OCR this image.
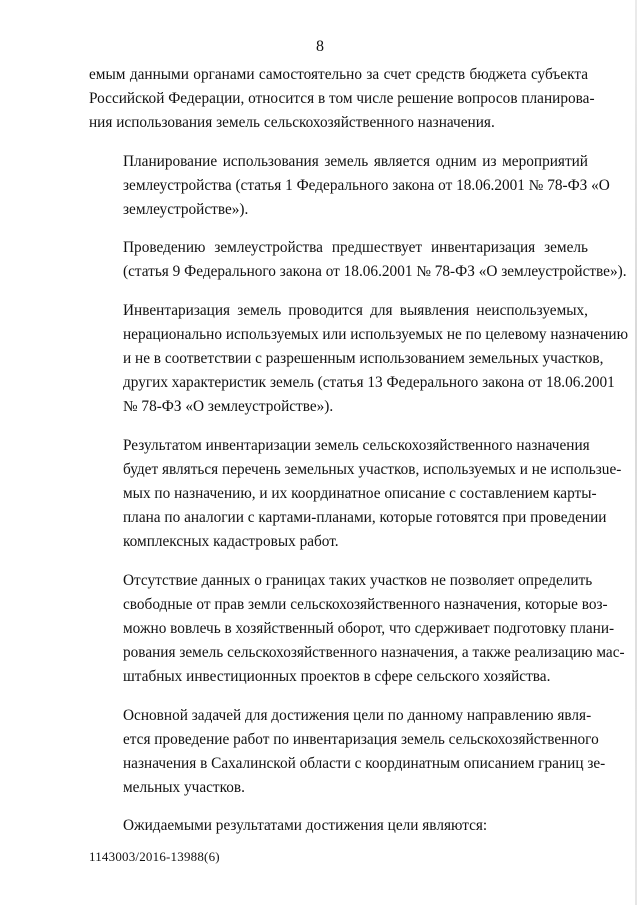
8
емым данными органами самостоятельно за счет средств бюджета субъекта
Российской Федерации, относится в том числе решение вопросов планирова-
ния использования земель сельскохозяйственного назначения.
Планирование использования земель является одним из мероприятий
землеустройства (статья 1 Федерального закона от 18.06.2001 № 78-ФЗ «О
землеустройстве»).
Проведению землеустройства предшествует инвентаризация земель
(статья 9 Федерального закона от 18.06.2001 № 78-ФЗ «О землеустройстве»).
Инвентаризация земель проводится для выявления неиспользуемых,
нерационально используемых или используемых не по целевому назначению
и не в соответствии с разрешенным использованием земельных участков,
других характеристик земель (статья 13 Федерального закона от 18.06.2001
№ 78-ФЗ «О землеустройстве»).
Результатом инвентаризации земель сельскохозяйственного назначения
будет являться перечень земельных участков, используемых и не использue-
мых по назначению, и их координатное описание с составлением карты-
плана по аналогии с картами-планами, которые готовятся при проведении
комплексных кадастровых работ.
Отсутствие данных о границах таких участков не позволяет определить
свободные от прав земли сельскохозяйственного назначения, которые воз-
можно вовлечь в хозяйственный оборот, что сдерживает подготовку плани-
рования земель сельскохозяйственного назначения, а также реализацию мас-
штабных инвестиционных проектов в сфере сельского хозяйства.
Основной задачей для достижения цели по данному направлению явля-
ется проведение работ по инвентаризация земель сельскохозяйственного
назначения в Сахалинской области с координатным описанием границ зе-
мельных участков.
Ожидаемыми результатами достижения цели являются:
1143003/2016-13988(6)
